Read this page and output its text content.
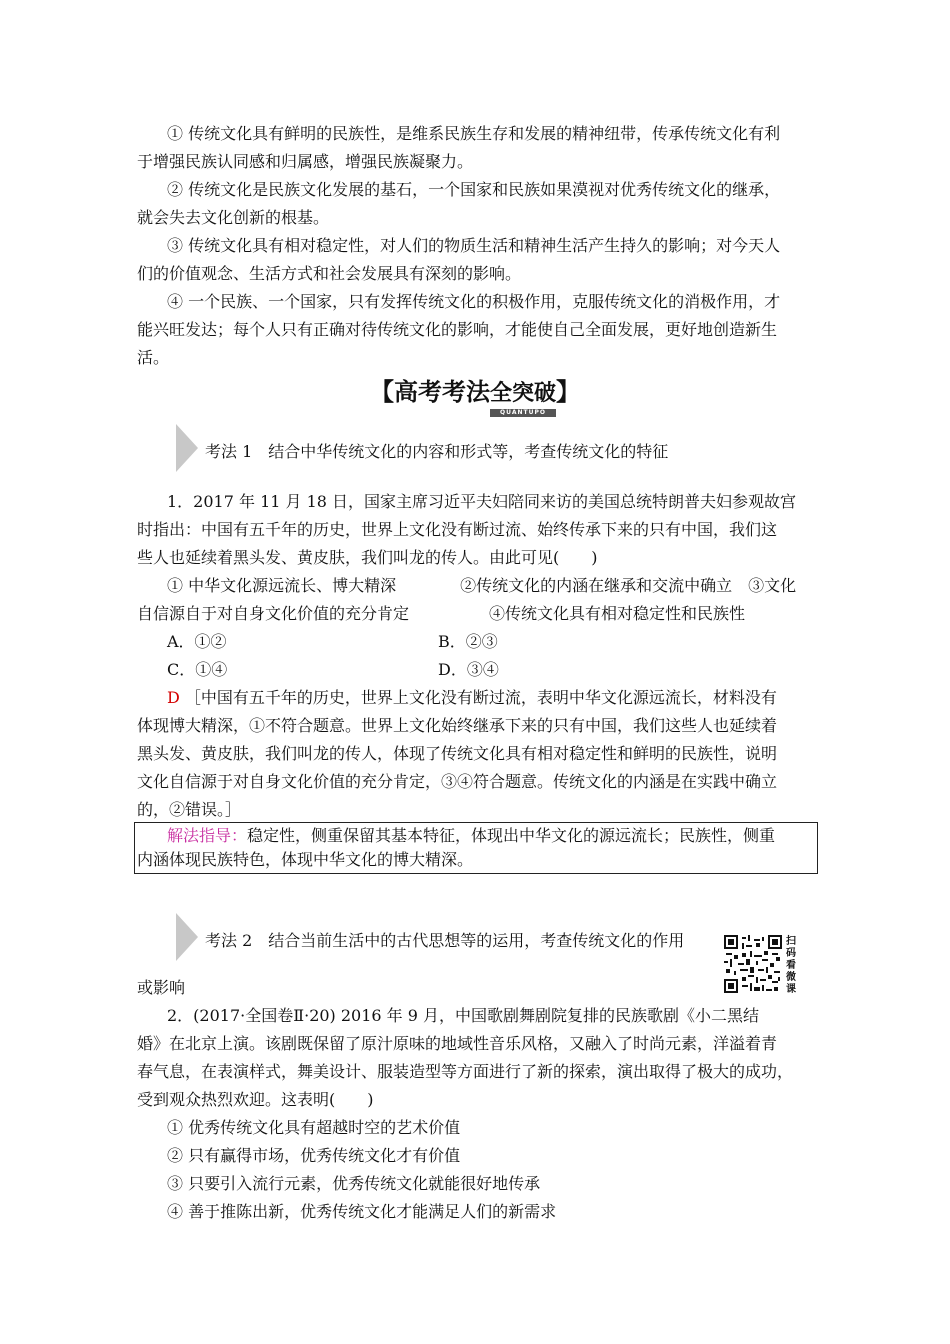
① 传统文化具有鲜明的民族性，是维系民族生存和发展的精神纽带，传承传统文化有利
于增强民族认同感和归属感，增强民族凝聚力。
② 传统文化是民族文化发展的基石，一个国家和民族如果漠视对优秀传统文化的继承，
就会失去文化创新的根基。
③ 传统文化具有相对稳定性，对人们的物质生活和精神生活产生持久的影响；对今天人
们的价值观念、生活方式和社会发展具有深刻的影响。
④ 一个民族、一个国家，只有发挥传统文化的积极作用，克服传统文化的消极作用，才
能兴旺发达；每个人只有正确对待传统文化的影响，才能使自己全面发展，更好地创造新生
活。
【高考考法全突破
QUANTUPO
】
考法 1　结合中华传统文化的内容和形式等，考查传统文化的特征
1．2017 年 11 月 18 日，国家主席习近平夫妇陪同来访的美国总统特朗普夫妇参观故宫
时指出：中国有五千年的历史，世界上文化没有断过流、始终传承下来的只有中国，我们这
些人也延续着黑头发、黄皮肤，我们叫龙的传人。由此可见(　　)
① 中华文化源远流长、博大精深　　　　②传统文化的内涵在继承和交流中确立　③文化
自信源自于对自身文化价值的充分肯定　　　　　④传统文化具有相对稳定性和民族性
A．①②	B．②③
C．①④	D．③④
D ［中国有五千年的历史，世界上文化没有断过流，表明中华文化源远流长，材料没有
体现博大精深，①不符合题意。世界上文化始终继承下来的只有中国，我们这些人也延续着
黑头发、黄皮肤，我们叫龙的传人，体现了传统文化具有相对稳定性和鲜明的民族性，说明
文化自信源于对自身文化价值的充分肯定，③④符合题意。传统文化的内涵是在实践中确立
的，②错误。］
解法指导：稳定性，侧重保留其基本特征，体现出中华文化的源远流长；民族性，侧重
内涵体现民族特色，体现中华文化的博大精深。
考法 2　结合当前生活中的古代思想等的运用，考查传统文化的作用
或影响
扫
码
看
微
课
2．(2017·全国卷Ⅱ·20) 2016 年 9 月，中国歌剧舞剧院复排的民族歌剧《小二黑结
婚》在北京上演。该剧既保留了原汁原味的地域性音乐风格，又融入了时尚元素，洋溢着青
春气息，在表演样式，舞美设计、服装造型等方面进行了新的探索，演出取得了极大的成功，
受到观众热烈欢迎。这表明(　　)
① 优秀传统文化具有超越时空的艺术价值
② 只有赢得市场，优秀传统文化才有价值
③ 只要引入流行元素，优秀传统文化就能很好地传承
④ 善于推陈出新，优秀传统文化才能满足人们的新需求
